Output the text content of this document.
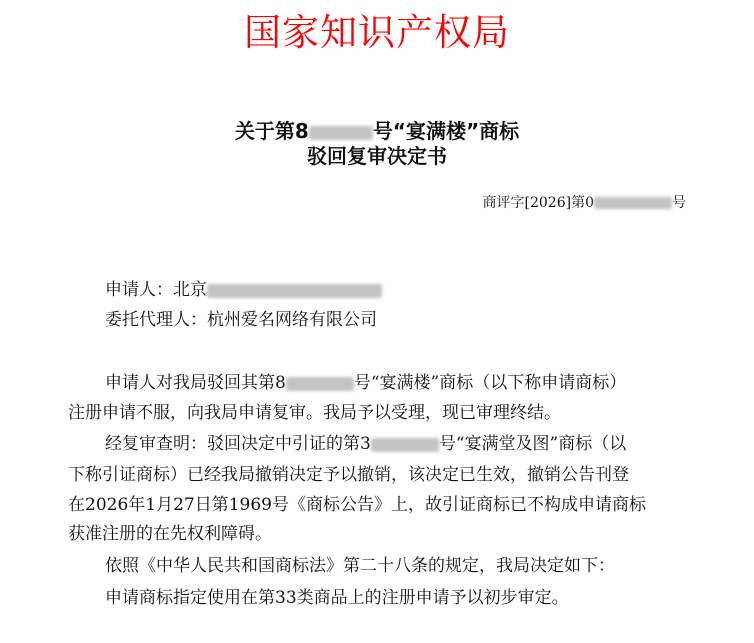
国家知识产权局
关于第8	号“宴满楼”商标
驳回复审决定书
商评字[2026]第0	号
申请人：北京
委托代理人：杭州爱名网络有限公司
申请人对我局驳回其第8	号“宴满楼”商标（以下称申请商标）
注册申请不服，向我局申请复审。我局予以受理，现已审理终结。
经复审查明：驳回决定中引证的第3	号“宴满堂及图”商标（以
下称引证商标）已经我局撤销决定予以撤销，该决定已生效，撤销公告刊登
在2026年1月27日第1969号《商标公告》上，故引证商标已不构成申请商标
获准注册的在先权利障碍。
依照《中华人民共和国商标法》第二十八条的规定，我局决定如下：
申请商标指定使用在第33类商品上的注册申请予以初步审定。
